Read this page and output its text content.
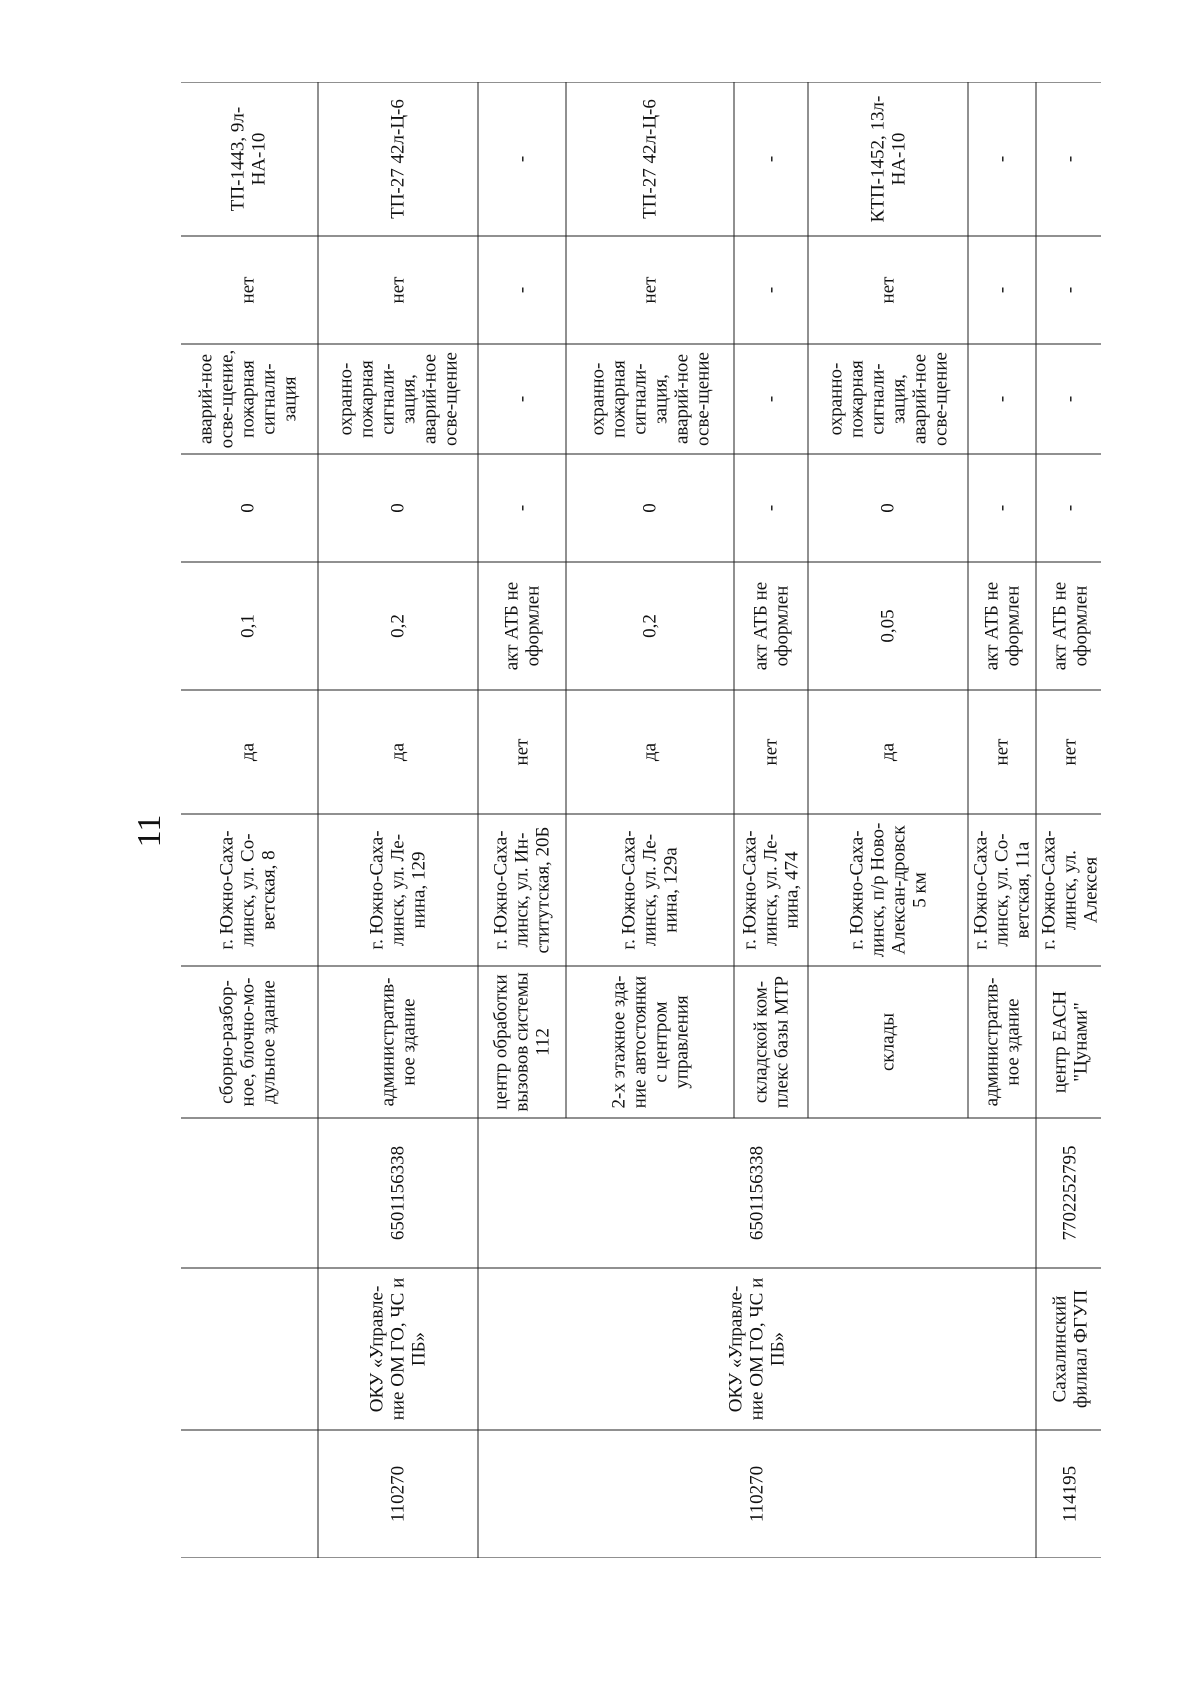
11
			сборно-разбор-ное, блочно-мо-дульное здание	г. Южно-Саха-линск, ул. Со-ветская, 8	да	0,1	0	аварий-ное осве-щение, пожарная сигнали-зация	нет	ТП-1443, 9л-НА-10
110270	ОКУ «Управле-ние ОМ ГО, ЧС и ПБ»	6501156338	административ-ное здание	г. Южно-Саха-линск, ул. Ле-нина, 129	да	0,2	0	охранно-пожарная сигнали-зация, аварий-ное осве-щение	нет	ТП-27 42л-Ц-6
110270	ОКУ «Управле-ние ОМ ГО, ЧС и ПБ»	6501156338	центр обработки вызовов системы 112	г. Южно-Саха-линск, ул. Ин-ститутская, 20Б	нет	акт АТБ не оформлен	-	-	-	-
			2-х этажное зда-ние автостоянки с центром управления	г. Южно-Саха-линск, ул. Ле-нина, 129а	да	0,2	0	охранно-пожарная сигнали-зация, аварий-ное осве-щение	нет	ТП-27 42л-Ц-6
			складской ком-плекс базы МТР	г. Южно-Саха-линск, ул. Ле-нина, 474	нет	акт АТБ не оформлен	-	-	-	-
			склады	г. Южно-Саха-линск, п/р Ново-Алексан-дровск 5 км	да	0,05	0	охранно-пожарная сигнали-зация, аварий-ное осве-щение	нет	КТП-1452, 13л-НА-10
			административ-ное здание	г. Южно-Саха-линск, ул. Со-ветская, 11а	нет	акт АТБ не оформлен	-	-	-	-
114195	Сахалинский филиал ФГУП	7702252795	центр ЕАСН "Цунами"	г. Южно-Саха-линск, ул. Алексея	нет	акт АТБ не оформлен	-	-	-	-
